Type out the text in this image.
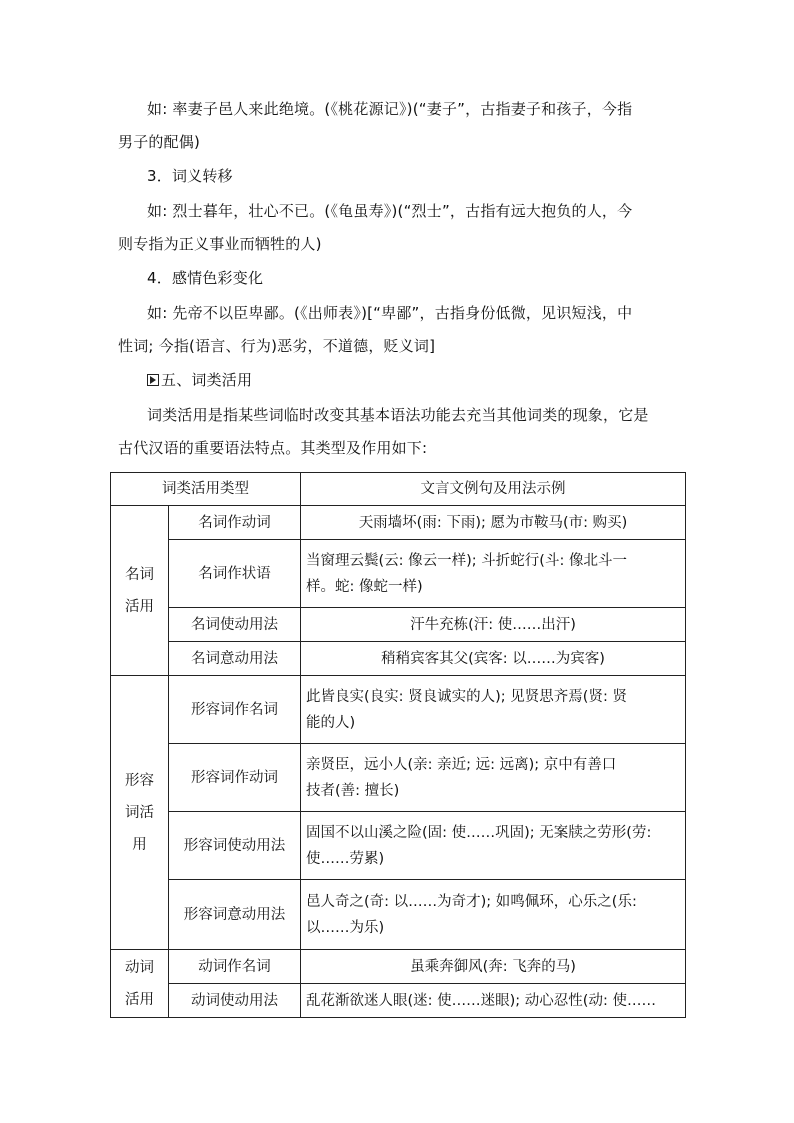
如: 率妻子邑人来此绝境。(《桃花源记》)(“妻子”，古指妻子和孩子，今指
男子的配偶)
3．词义转移
如: 烈士暮年，壮心不已。(《龟虽寿》)(“烈士”，古指有远大抱负的人，今
则专指为正义事业而牺牲的人)
4．感情色彩变化
如: 先帝不以臣卑鄙。(《出师表》)[“卑鄙”，古指身份低微，见识短浅，中
性词; 今指(语言、行为)恶劣，不道德，贬义词]
五、词类活用
词类活用是指某些词临时改变其基本语法功能去充当其他词类的现象，它是
古代汉语的重要语法特点。其类型及作用如下:
词类活用类型		文言文例句及用法示例
名词
活用	名词作动词	天雨墙坏(雨: 下雨); 愿为市鞍马(市: 购买)
	名词作状语	当窗理云鬓(云: 像云一样); 斗折蛇行(斗: 像北斗一
样。蛇: 像蛇一样)
	名词使动用法	汗牛充栋(汗: 使……出汗)
	名词意动用法	稍稍宾客其父(宾客: 以……为宾客)
形容
词活
用	形容词作名词	此皆良实(良实: 贤良诚实的人); 见贤思齐焉(贤: 贤
能的人)
	形容词作动词	亲贤臣，远小人(亲: 亲近; 远: 远离); 京中有善口
技者(善: 擅长)
	形容词使动用法	固国不以山溪之险(固: 使……巩固); 无案牍之劳形(劳:
使……劳累)
	形容词意动用法	邑人奇之(奇: 以……为奇才); 如鸣佩环，心乐之(乐:
以……为乐)
动词
活用	动词作名词	虽乘奔御风(奔: 飞奔的马)
	动词使动用法	乱花渐欲迷人眼(迷: 使……迷眼); 动心忍性(动: 使……
